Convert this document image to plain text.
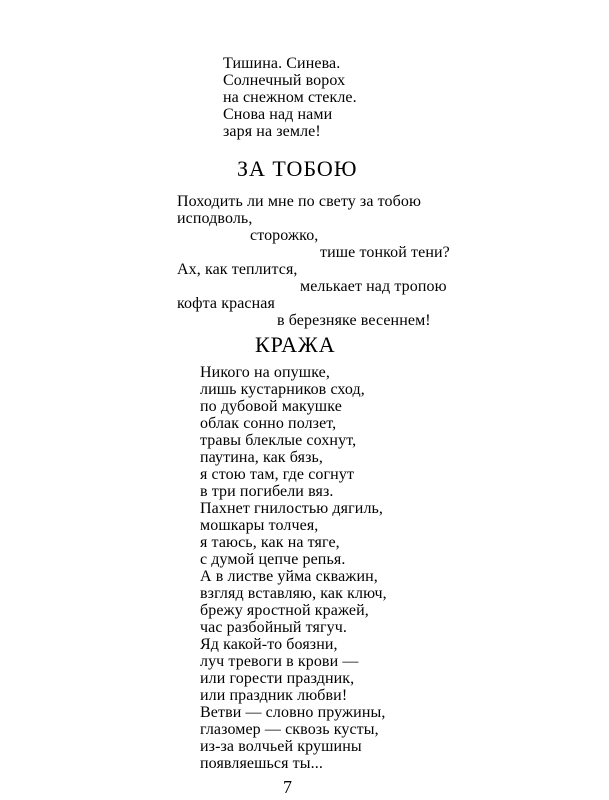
Тишина. Синева.
Солнечный ворох
на снежном стекле.
Снова над нами
заря на земле!
ЗА ТОБОЮ
Походить ли мне по свету за тобою
исподволь,
сторожко,
тише тонкой тени?
Ах, как теплится,
мелькает над тропою
кофта красная
в березняке весеннем!
КРАЖА
Никого на опушке,
лишь кустарников сход,
по дубовой макушке
облак сонно ползет,
травы блеклые сохнут,
паутина, как бязь,
я стою там, где согнут
в три погибели вяз.
Пахнет гнилостью дягиль,
мошкары толчея,
я таюсь, как на тяге,
с думой цепче репья.
А в листве уйма скважин,
взгляд вставляю, как ключ,
брежу яростной кражей,
час разбойный тягуч.
Яд какой-то боязни,
луч тревоги в крови —
или горести праздник,
или праздник любви!
Ветви — словно пружины,
глазомер — сквозь кусты,
из-за волчьей крушины
появляешься ты...
7
